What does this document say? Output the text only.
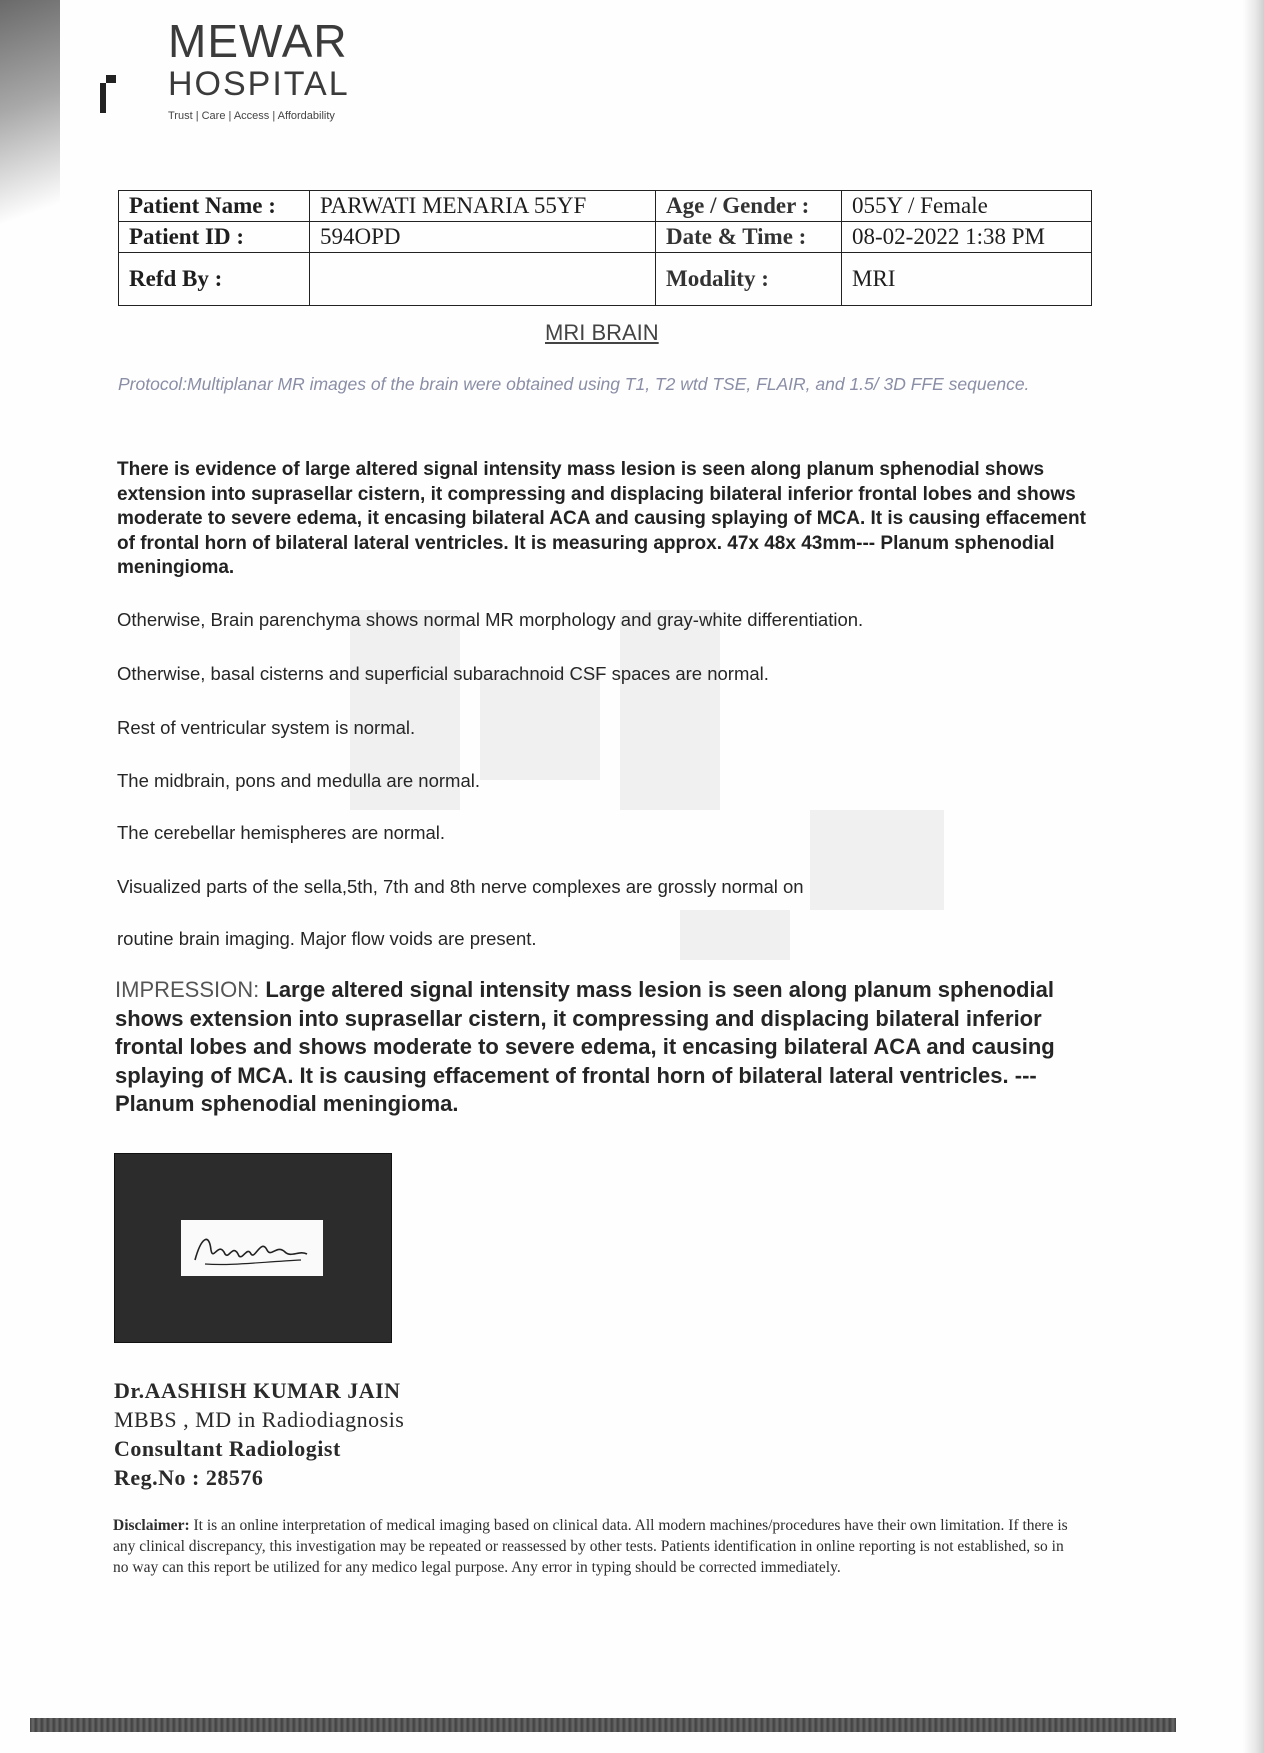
MEWAR
HOSPITAL
Trust | Care | Access | Affordability
Patient Name :	PARWATI MENARIA 55YF	Age / Gender :	055Y / Female
Patient ID :	594OPD	Date & Time :	08-02-2022 1:38 PM
Refd By :		Modality :	MRI
MRI BRAIN
Protocol:Multiplanar MR images of the brain were obtained using T1, T2 wtd TSE, FLAIR, and 1.5/ 3D FFE sequence.
There is evidence of large altered signal intensity mass lesion is seen along planum sphenodial shows extension into suprasellar cistern, it compressing and displacing bilateral inferior frontal lobes and shows moderate to severe edema, it encasing bilateral ACA and causing splaying of MCA. It is causing effacement of frontal horn of bilateral lateral ventricles. It is measuring approx. 47x 48x 43mm--- Planum sphenodial meningioma.
Otherwise, Brain parenchyma shows normal MR morphology and gray-white differentiation.
Otherwise, basal cisterns and superficial subarachnoid CSF spaces are normal.
Rest of ventricular system is normal.
The midbrain, pons and medulla are normal.
The cerebellar hemispheres are normal.
Visualized parts of the sella,5th, 7th and 8th nerve complexes are grossly normal on
routine brain imaging. Major flow voids are present.
IMPRESSION: Large altered signal intensity mass lesion is seen along planum sphenodial shows extension into suprasellar cistern, it compressing and displacing bilateral inferior frontal lobes and shows moderate to severe edema, it encasing bilateral ACA and causing splaying of MCA. It is causing effacement of frontal horn of bilateral lateral ventricles. --- Planum sphenodial meningioma.
Dr.AASHISH KUMAR JAIN
MBBS , MD in Radiodiagnosis
Consultant Radiologist
Reg.No : 28576
Disclaimer: It is an online interpretation of medical imaging based on clinical data. All modern machines/procedures have their own limitation. If there is any clinical discrepancy, this investigation may be repeated or reassessed by other tests. Patients identification in online reporting is not established, so in no way can this report be utilized for any medico legal purpose. Any error in typing should be corrected immediately.
